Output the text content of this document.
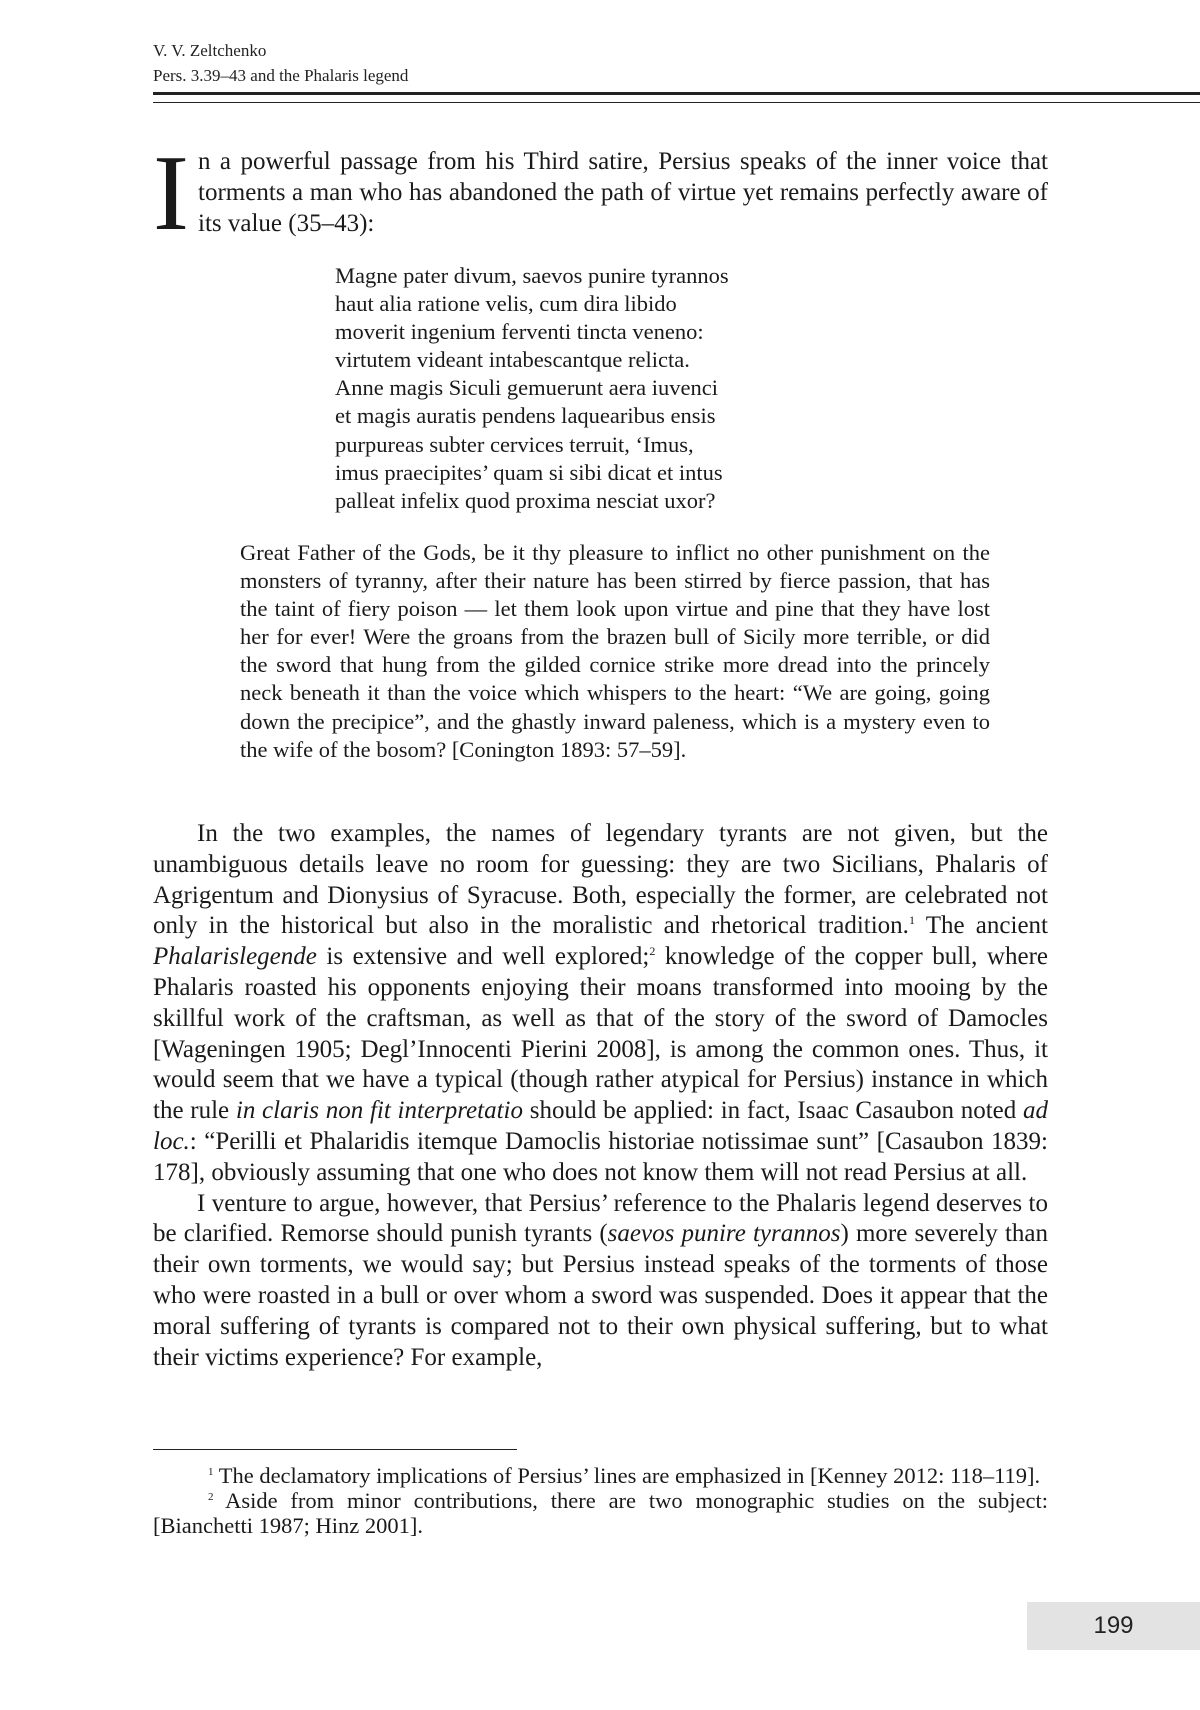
V. V. Zeltchenko
Pers. 3.39–43 and the Phalaris legend
I n a powerful passage from his Third satire, Persius speaks of the inner voice that torments a man who has abandoned the path of virtue yet remains perfectly aware of its value (35–43):
Magne pater divum, saevos punire tyrannos
haut alia ratione velis, cum dira libido
moverit ingenium ferventi tincta veneno:
virtutem videant intabescantque relicta.
Anne magis Siculi gemuerunt aera iuvenci
et magis auratis pendens laquearibus ensis
purpureas subter cervices terruit, ‘Imus,
imus praecipites’ quam si sibi dicat et intus
palleat infelix quod proxima nesciat uxor?
Great Father of the Gods, be it thy pleasure to inflict no other punishment on the monsters of tyranny, after their nature has been stirred by fierce passion, that has the taint of fiery poison — let them look upon virtue and pine that they have lost her for ever! Were the groans from the brazen bull of Sicily more terrible, or did the sword that hung from the gilded cornice strike more dread into the princely neck beneath it than the voice which whispers to the heart: “We are going, going down the precipice”, and the ghastly inward paleness, which is a mystery even to the wife of the bosom? [Conington 1893: 57–59].

In the two examples, the names of legendary tyrants are not given, but the unambiguous details leave no room for guessing: they are two Sicilians, Phalaris of Agrigentum and Dionysius of Syracuse. Both, especially the former, are celebrated not only in the historical but also in the moralistic and rhetorical tradition.$^1$ The ancient Phalarislegende is extensive and well explored;$^2$ knowledge of the copper bull, where Phalaris roasted his opponents enjoying their moans transformed into mooing by the skillful work of the craftsman, as well as that of the story of the sword of Damocles [Wageningen 1905; Degl’Innocenti Pierini 2008], is among the common ones. Thus, it would seem that we have a typical (though rather atypical for Persius) instance in which the rule in claris non fit interpretatio should be applied: in fact, Isaac Casaubon noted ad loc.: “Perilli et Phalaridis itemque Damoclis historiae notissimae sunt” [Casaubon 1839: 178], obviously assuming that one who does not know them will not read Persius at all.

I venture to argue, however, that Persius’ reference to the Phalaris legend deserves to be clarified. Remorse should punish tyrants (saevos punire tyrannos) more severely than their own torments, we would say; but Persius instead speaks of the torments of those who were roasted in a bull or over whom a sword was suspended. Does it appear that the moral suffering of tyrants is compared not to their own physical suffering, but to what their victims experience? For example,

$^1$ The declamatory implications of Persius’ lines are emphasized in [Kenney 2012: 118–119].

$^2$ Aside from minor contributions, there are two monographic studies on the subject: [Bianchetti 1987; Hinz 2001].

199
